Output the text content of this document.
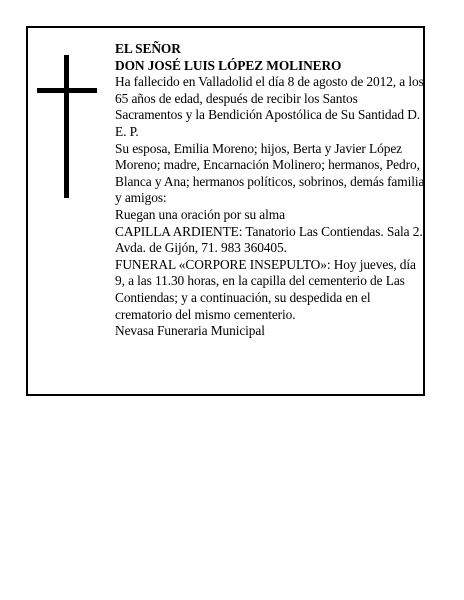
EL SEÑOR

DON JOSÉ LUIS LÓPEZ MOLINERO

Ha fallecido en Valladolid el día 8 de agosto de 2012, a los 65 años de edad, después de recibir los Santos Sacramentos y la Bendición Apostólica de Su Santidad D. E. P.

Su esposa, Emilia Moreno; hijos, Berta y Javier López Moreno; madre, Encarnación Molinero; hermanos, Pedro, Blanca y Ana; hermanos políticos, sobrinos, demás familia y amigos:

Ruegan una oración por su alma

CAPILLA ARDIENTE: Tanatorio Las Contiendas. Sala 2. Avda. de Gijón, 71. 983 360405.

FUNERAL «CORPORE INSEPULTO»: Hoy jueves, día 9, a las 11.30 horas, en la capilla del cementerio de Las Contiendas; y a continuación, su despedida en el crematorio del mismo cementerio.

Nevasa Funeraria Municipal
